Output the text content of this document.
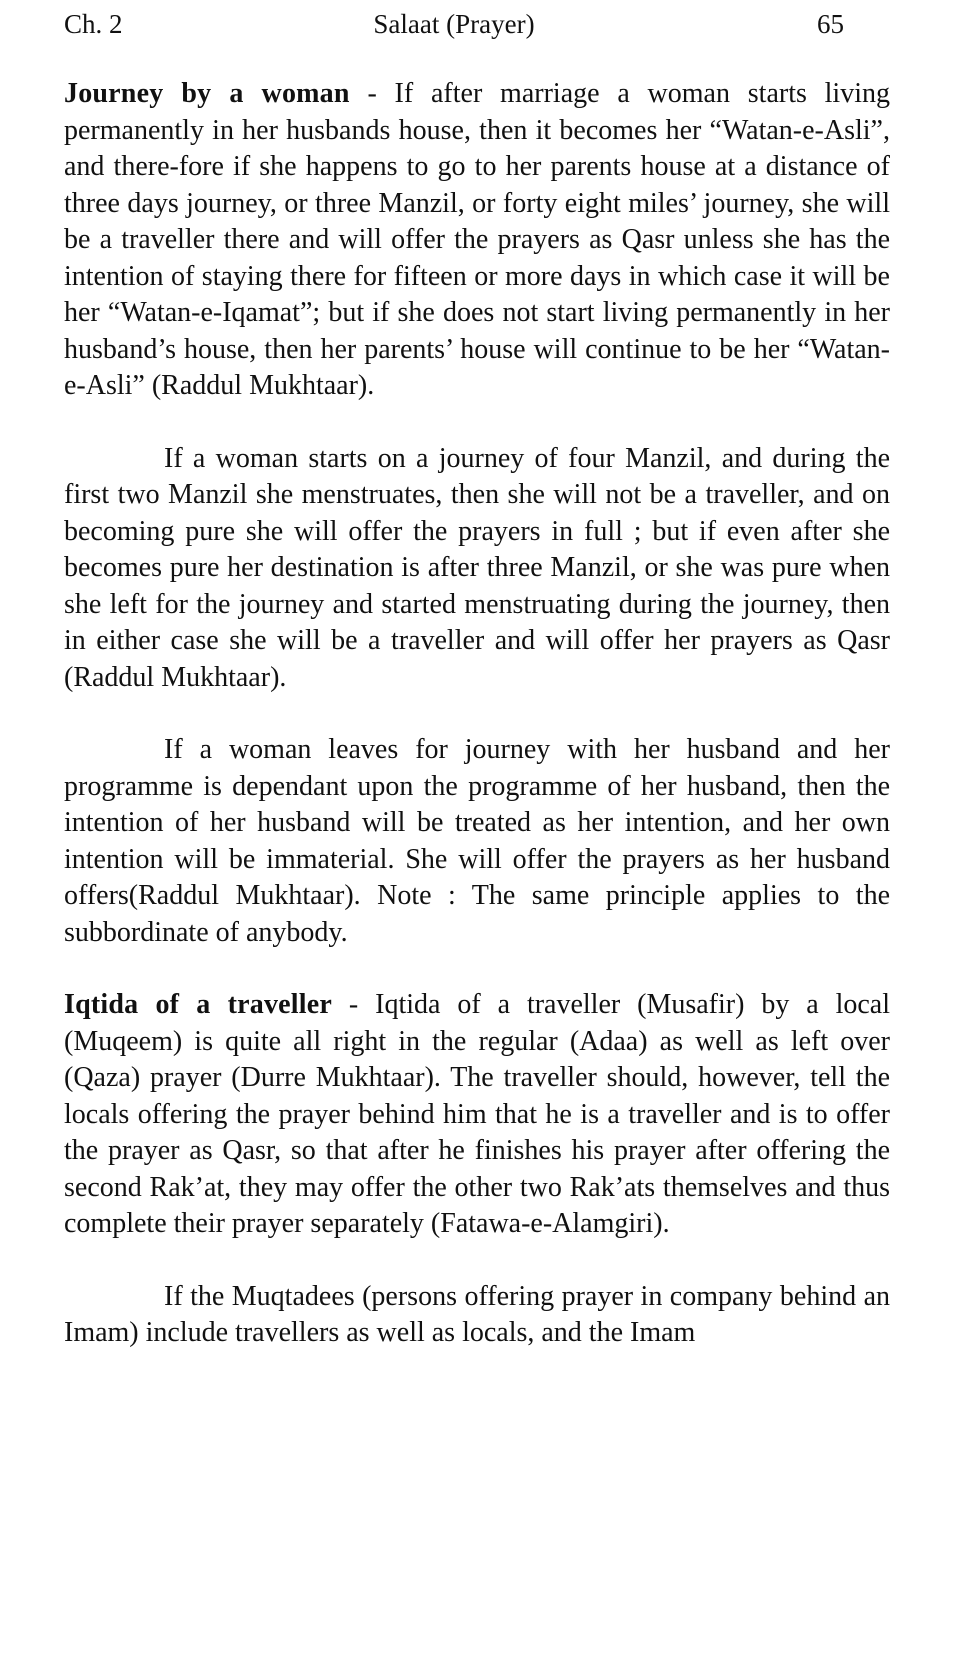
Ch. 2	Salaat (Prayer)	65

Journey by a woman - If after marriage a woman starts living permanently in her husbands house, then it becomes her “Watan-e-Asli”, and there-fore if she happens to go to her parents house at a distance of three days journey, or three Manzil, or forty eight miles’ journey, she will be a traveller there and will offer the prayers as Qasr unless she has the intention of staying there for fifteen or more days in which case it will be her “Watan-e-Iqamat”; but if she does not start living permanently in her husband’s house, then her parents’ house will continue to be her “Watan-e-Asli” (Raddul Mukhtaar).

If a woman starts on a journey of four Manzil, and during the first two Manzil she menstruates, then she will not be a traveller, and on becoming pure she will offer the prayers in full ; but if even after she becomes pure her destination is after three Manzil, or she was pure when she left for the journey and started menstruating during the journey, then in either case she will be a traveller and will offer her prayers as Qasr (Raddul Mukhtaar).

If a woman leaves for journey with her husband and her programme is dependant upon the programme of her husband, then the intention of her husband will be treated as her intention, and her own intention will be immaterial. She will offer the prayers as her husband offers(Raddul Mukhtaar). Note : The same principle applies to the subbordinate of anybody.

Iqtida of a traveller - Iqtida of a traveller (Musafir) by a local (Muqeem) is quite all right in the regular (Adaa) as well as left over (Qaza) prayer (Durre Mukhtaar). The traveller should, however, tell the locals offering the prayer behind him that he is a traveller and is to offer the prayer as Qasr, so that after he finishes his prayer after offering the second Rak’at, they may offer the other two Rak’ats themselves and thus complete their prayer separately (Fatawa-e-Alamgiri).

If the Muqtadees (persons offering prayer in company behind an Imam) include travellers as well as locals, and the Imam
